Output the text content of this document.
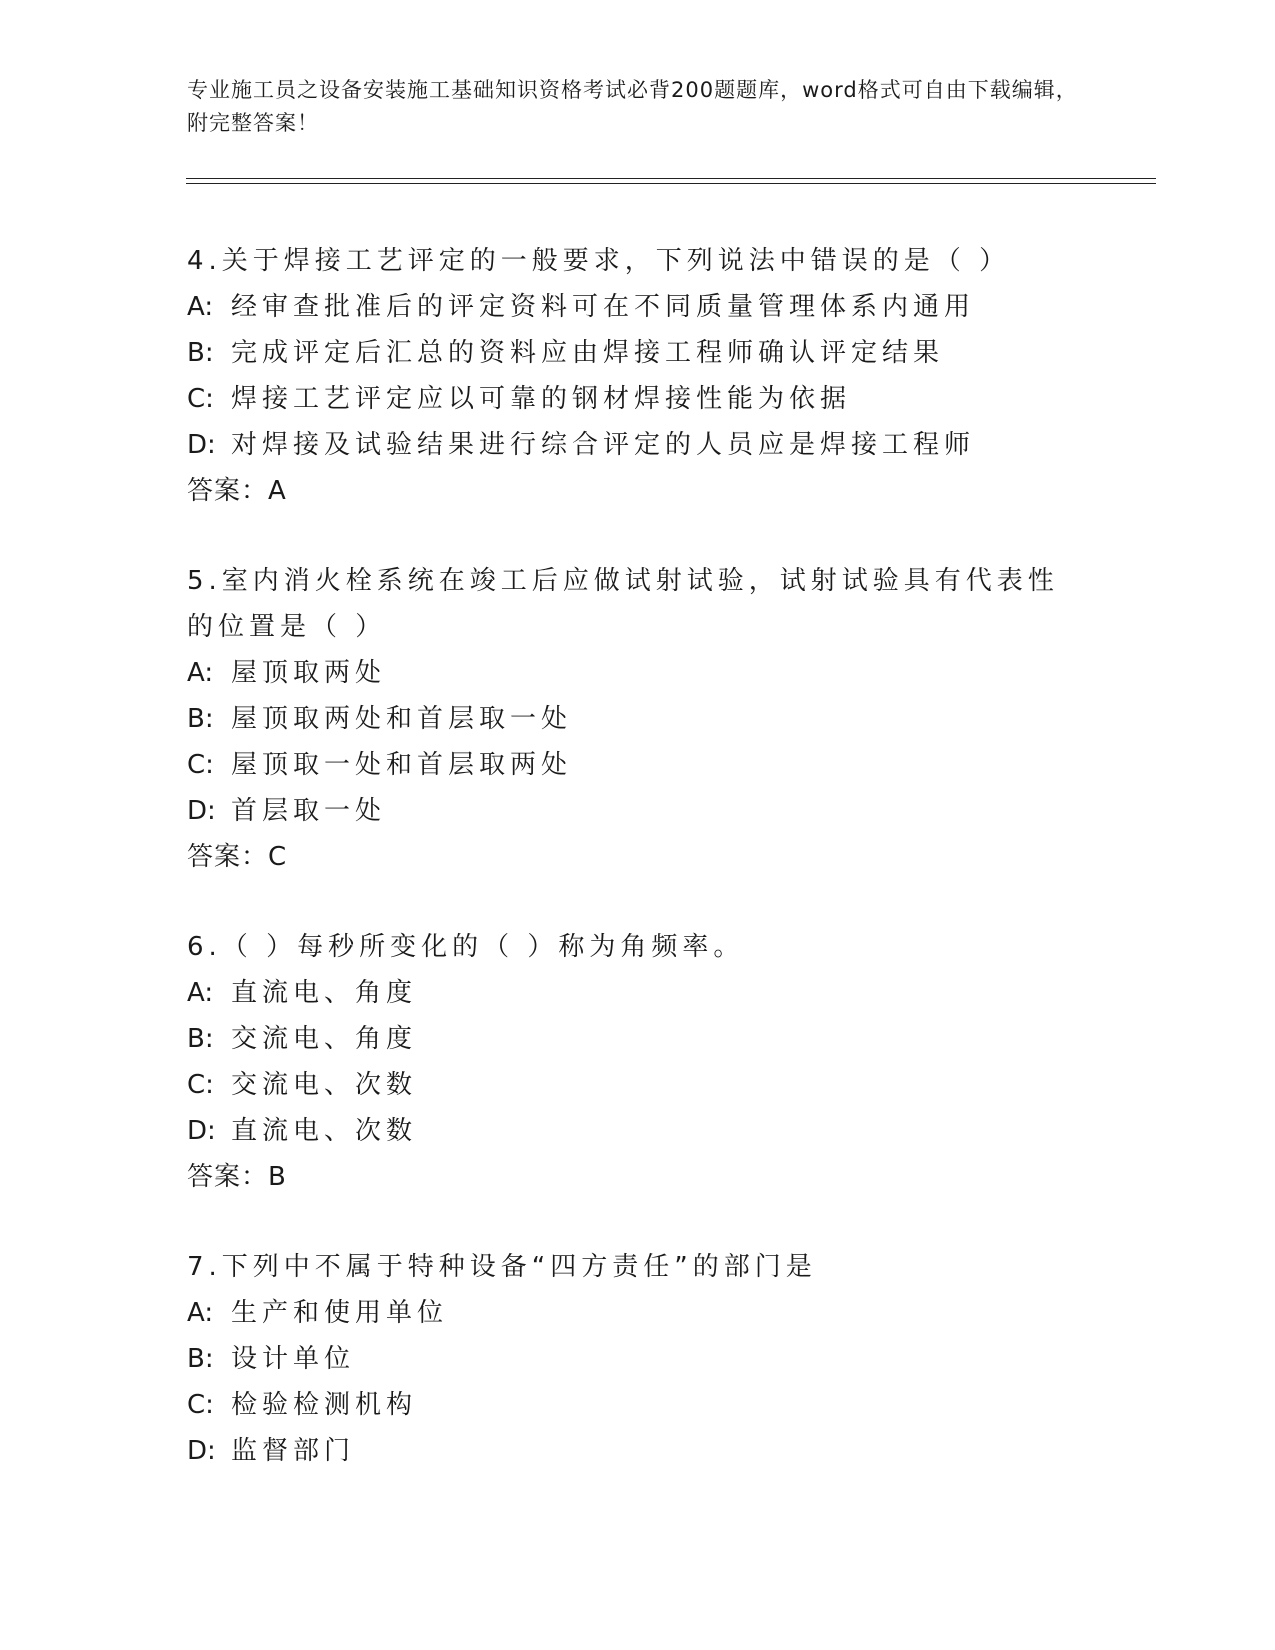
专业施工员之设备安装施工基础知识资格考试必背200题题库，word格式可自由下载编辑，附完整答案！
4.关于焊接工艺评定的一般要求，下列说法中错误的是（ ）
A: 经审查批准后的评定资料可在不同质量管理体系内通用
B: 完成评定后汇总的资料应由焊接工程师确认评定结果
C: 焊接工艺评定应以可靠的钢材焊接性能为依据
D: 对焊接及试验结果进行综合评定的人员应是焊接工程师
答案：A
5.室内消火栓系统在竣工后应做试射试验，试射试验具有代表性的位置是（ ）
A: 屋顶取两处
B: 屋顶取两处和首层取一处
C: 屋顶取一处和首层取两处
D: 首层取一处
答案：C
6.（ ）每秒所变化的（ ）称为角频率。
A: 直流电、角度
B: 交流电、角度
C: 交流电、次数
D: 直流电、次数
答案：B
7.下列中不属于特种设备“四方责任”的部门是
A: 生产和使用单位
B: 设计单位
C: 检验检测机构
D: 监督部门
